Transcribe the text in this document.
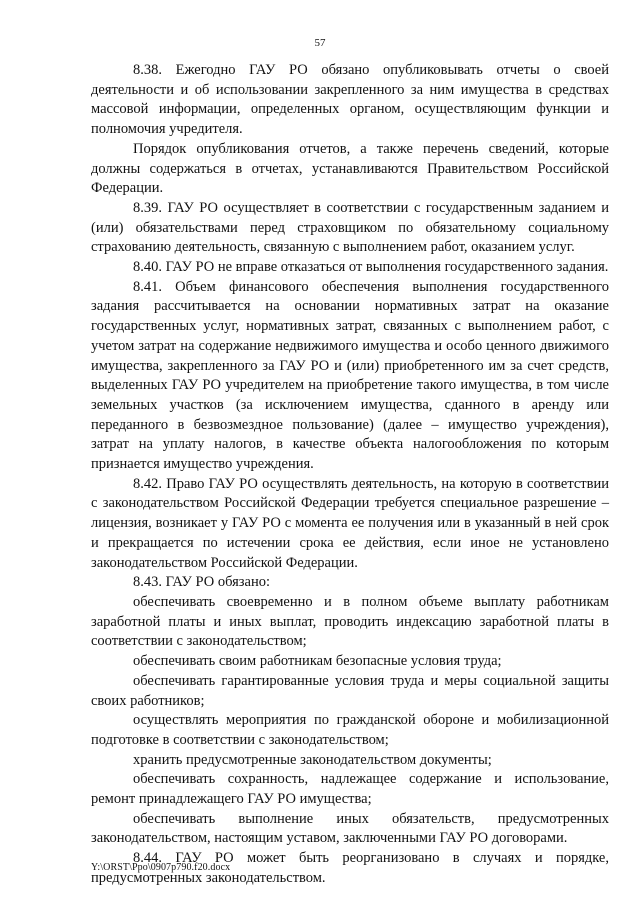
57

8.38. Ежегодно ГАУ РО обязано опубликовывать отчеты о своей деятельности и об использовании закрепленного за ним имущества в средствах массовой информации, определенных органом, осуществляющим функции и полномочия учредителя.

Порядок опубликования отчетов, а также перечень сведений, которые должны содержаться в отчетах, устанавливаются Правительством Российской Федерации.

8.39. ГАУ РО осуществляет в соответствии с государственным заданием и (или) обязательствами перед страховщиком по обязательному социальному страхованию деятельность, связанную с выполнением работ, оказанием услуг.

8.40. ГАУ РО не вправе отказаться от выполнения государственного задания.

8.41. Объем финансового обеспечения выполнения государственного задания рассчитывается на основании нормативных затрат на оказание государственных услуг, нормативных затрат, связанных с выполнением работ, с учетом затрат на содержание недвижимого имущества и особо ценного движимого имущества, закрепленного за ГАУ РО и (или) приобретенного им за счет средств, выделенных ГАУ РО учредителем на приобретение такого имущества, в том числе земельных участков (за исключением имущества, сданного в аренду или переданного в безвозмездное пользование) (далее – имущество учреждения), затрат на уплату налогов, в качестве объекта налогообложения по которым признается имущество учреждения.

8.42. Право ГАУ РО осуществлять деятельность, на которую в соответствии с законодательством Российской Федерации требуется специальное разрешение – лицензия, возникает у ГАУ РО с момента ее получения или в указанный в ней срок и прекращается по истечении срока ее действия, если иное не установлено законодательством Российской Федерации.

8.43. ГАУ РО обязано:

обеспечивать своевременно и в полном объеме выплату работникам заработной платы и иных выплат, проводить индексацию заработной платы в соответствии с законодательством;

обеспечивать своим работникам безопасные условия труда;

обеспечивать гарантированные условия труда и меры социальной защиты своих работников;

осуществлять мероприятия по гражданской обороне и мобилизационной подготовке в соответствии с законодательством;

хранить предусмотренные законодательством документы;

обеспечивать сохранность, надлежащее содержание и использование, ремонт принадлежащего ГАУ РО имущества;

обеспечивать выполнение иных обязательств, предусмотренных законодательством, настоящим уставом, заключенными ГАУ РО договорами.

8.44. ГАУ РО может быть реорганизовано в случаях и порядке, предусмотренных законодательством.

Y:\ORST\Ppo\0907p790.f20.docx
